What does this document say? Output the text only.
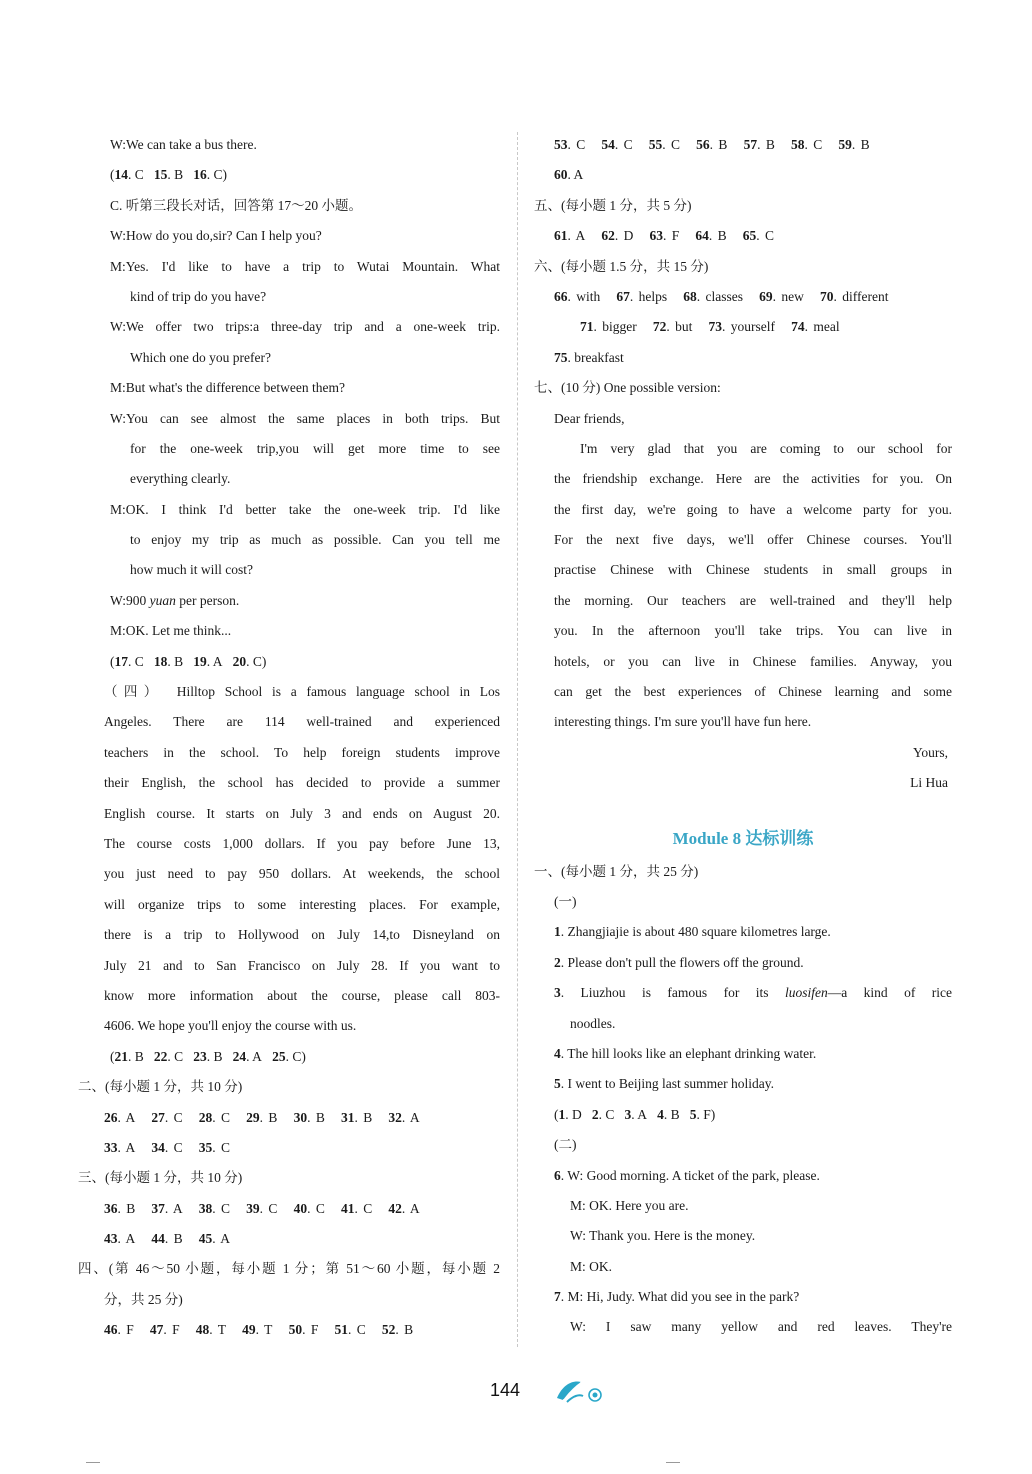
W:We can take a bus there.
(14. C   15. B   16. C)
C. 听第三段长对话，回答第 17～20 小题。
W:How do you do,sir? Can I help you?
M:Yes. I'd like to have a trip to Wutai Mountain. What
kind of trip do you have?
W:We offer two trips:a three-day trip and a one-week trip.
Which one do you prefer?
M:But what's the difference between them?
W:You can see almost the same places in both trips. But
for the one-week trip,you will get more time to see
everything clearly.
M:OK. I think I'd better take the one-week trip. I'd like
to enjoy my trip as much as possible. Can you tell me
how much it will cost?
W:900 yuan per person.
M:OK. Let me think...
(17. C   18. B   19. A   20. C)
（四）　Hilltop School is a famous language school in Los
Angeles. There are 114 well-trained and experienced
teachers in the school. To help foreign students improve
their English, the school has decided to provide a summer
English course. It starts on July 3 and ends on August 20.
The course costs 1,000 dollars. If you pay before June 13,
you just need to pay 950 dollars. At weekends, the school
will organize trips to some interesting places. For example,
there is a trip to Hollywood on July 14,to Disneyland on
July 21 and to San Francisco on July 28. If you want to
know more information about the course, please call 803-
4606. We hope you'll enjoy the course with us.
(21. B   22. C   23. B   24. A   25. C)
二、(每小题 1 分，共 10 分)
26. A   27. C   28. C   29. B   30. B   31. B   32. A
33. A   34. C   35. C
三、(每小题 1 分，共 10 分)
36. B   37. A   38. C   39. C   40. C   41. C   42. A
43. A   44. B   45. A
四、(第 46～50 小题，每小题 1 分；第 51～60 小题，每小题 2
分，共 25 分)
46. F   47. F   48. T   49. T   50. F   51. C   52. B
53. C   54. C   55. C   56. B   57. B   58. C   59. B
60. A
五、(每小题 1 分，共 5 分)
61. A   62. D   63. F   64. B   65. C
六、(每小题 1.5 分，共 15 分)
66. with   67. helps   68. classes   69. new   70. different
71. bigger   72. but   73. yourself   74. meal
75. breakfast
七、(10 分) One possible version:
Dear friends,
I'm very glad that you are coming to our school for
the friendship exchange. Here are the activities for you. On
the first day, we're going to have a welcome party for you.
For the next five days, we'll offer Chinese courses. You'll
practise Chinese with Chinese students in small groups in
the morning. Our teachers are well-trained and they'll help
you. In the afternoon you'll take trips. You can live in
hotels, or you can live in Chinese families. Anyway, you
can get the best experiences of Chinese learning and some
interesting things. I'm sure you'll have fun here.
Yours,
Li Hua
Module 8 达标训练
一、(每小题 1 分，共 25 分)
(一)
1. Zhangjiajie is about 480 square kilometres large.
2. Please don't pull the flowers off the ground.
3. Liuzhou is famous for its luosifen—a kind of rice
noodles.
4. The hill looks like an elephant drinking water.
5. I went to Beijing last summer holiday.
(1. D   2. C   3. A   4. B   5. F)
(二)
6. W: Good morning. A ticket of the park, please.
M: OK. Here you are.
W: Thank you. Here is the money.
M: OK.
7. M: Hi, Judy. What did you see in the park?
W: I saw many yellow and red leaves. They're
144
